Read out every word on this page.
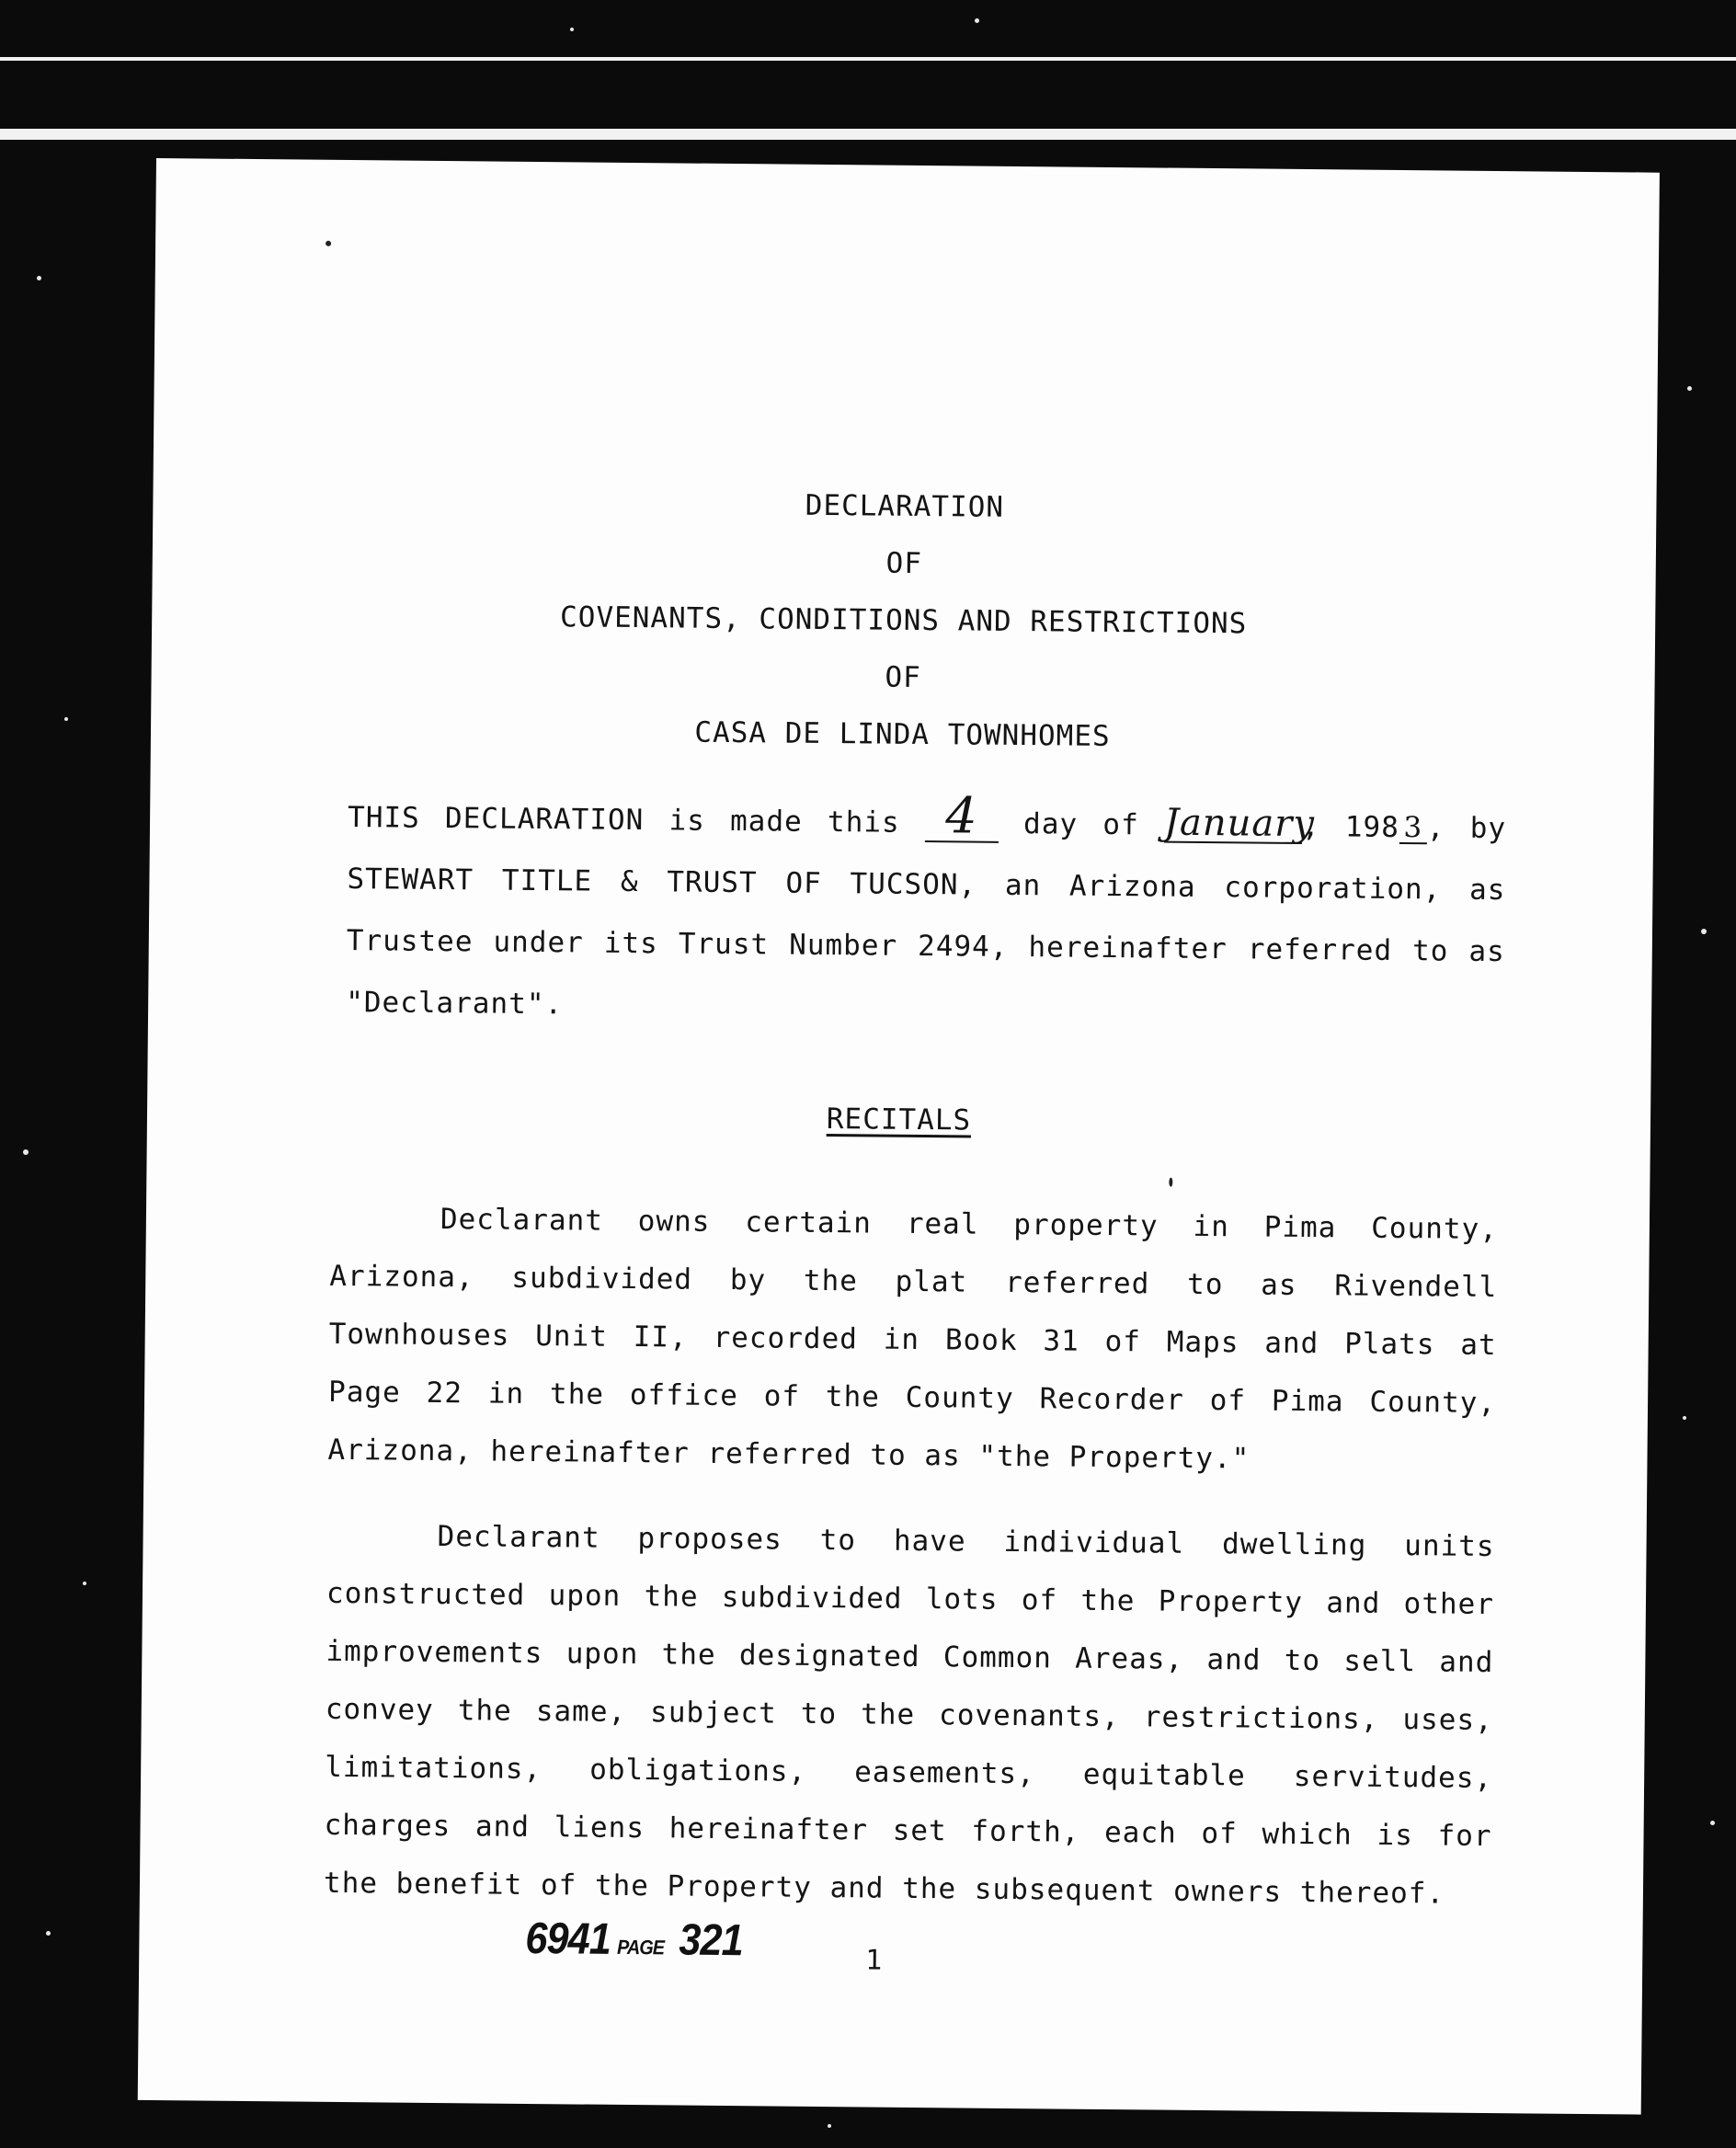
DECLARATION
OF
COVENANTS, CONDITIONS AND RESTRICTIONS
OF
CASA DE LINDA TOWNHOMES
THIS DECLARATION is made this 4 day of January, 198 3 , by STEWART TITLE & TRUST OF TUCSON, an Arizona corporation, as Trustee under its Trust Number 2494, hereinafter referred to as "Declarant".
RECITALS
Declarant owns certain real property in Pima County, Arizona, subdivided by the plat referred to as Rivendell Townhouses Unit II, recorded in Book 31 of Maps and Plats at Page 22 in the office of the County Recorder of Pima County, Arizona, hereinafter referred to as "the Property."
Declarant proposes to have individual dwelling units constructed upon the subdivided lots of the Property and other improvements upon the designated Common Areas, and to sell and convey the same, subject to the covenants, restrictions, uses, limitations, obligations, easements, equitable servitudes, charges and liens hereinafter set forth, each of which is for the benefit of the Property and the subsequent owners thereof.
6941 PAGE 321	1
